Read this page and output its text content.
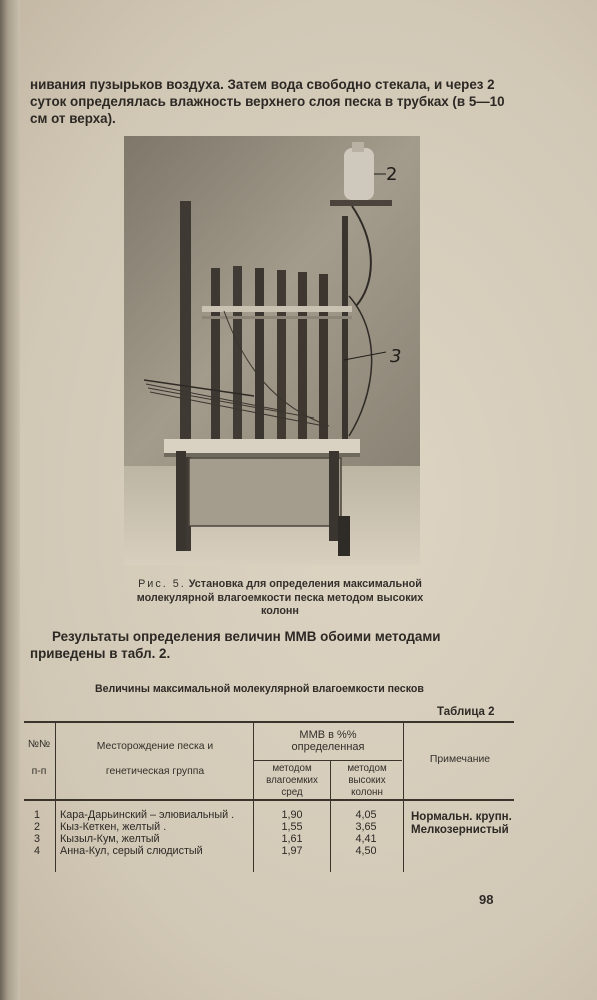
нивания пузырьков воздуха. Затем вода свободно стекала, и через 2 суток определялась влажность верхнего слоя песка в трубках (в 5—10 см от верха).

2
3
Рис. 5. Установка для определения максимальной молекулярной влагоемкости песка методом высоких колонн

Результаты определения величин ММВ обоими методами приведены в табл. 2.

Величины максимальной молекулярной влагоемкости песков
Таблица 2
№№
п-п
Месторождение песка и
генетическая группа
ММВ в %% определенная
методом влагоемких сред
методом высоких колонн
Примечание
1 Кара-Дарьинский – элювиальный .	1,90	4,05	Нормальн. крупн.
2 Кыз-Кеткен, желтый .	1,55	3,65	Мелкозернистый
3 Кызыл-Кум, желтый	1,61	4,41
4 Анна-Кул, серый слюдистый	1,97	4,50
98
